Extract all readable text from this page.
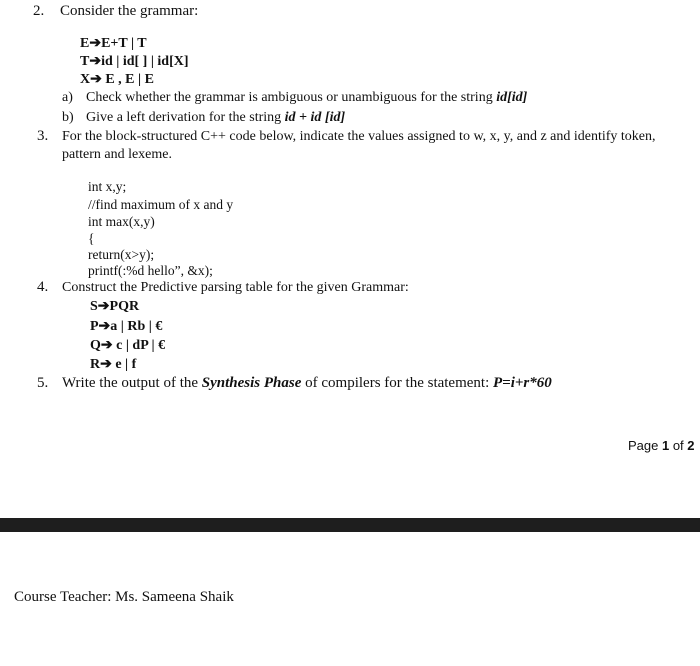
2. Consider the grammar:
E➔E+T | T
T➔id | id[ ] | id[X]
X➔ E , E | E
a) Check whether the grammar is ambiguous or unambiguous for the string id[id]
b) Give a left derivation for the string id + id [id]
3. For the block-structured C++ code below, indicate the values assigned to w, x, y, and z and identify token,
pattern and lexeme.
int x,y;
//find maximum of x and y
int max(x,y)
{
return(x>y);
printf(:%d hello”, &x);
4. Construct the Predictive parsing table for the given Grammar:
S➔PQR
P➔a | Rb | €
Q➔ c | dP | €
R➔ e | f
5. Write the output of the Synthesis Phase of compilers for the statement: P=i+r*60
Page 1 of 2
Course Teacher: Ms. Sameena Shaik
